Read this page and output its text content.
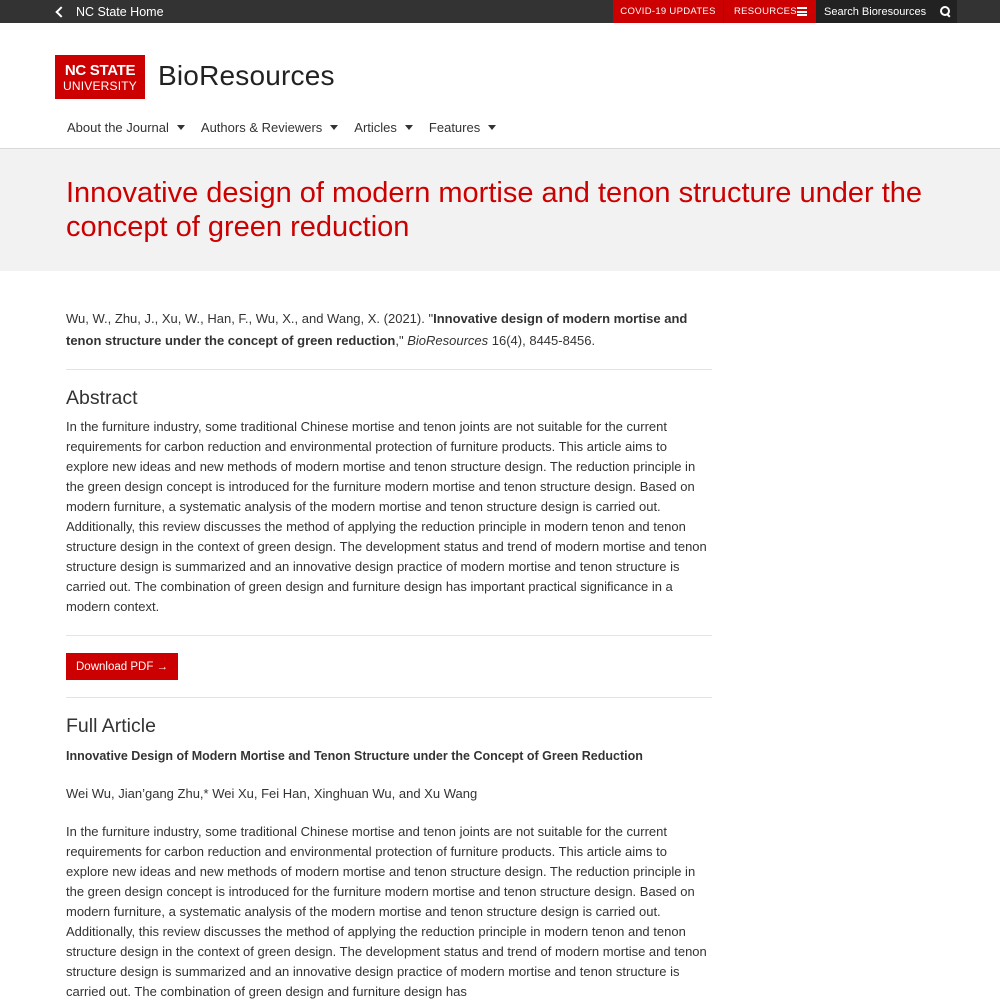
NC State Home	COVID-19 UPDATES	RESOURCES Search Bioresources
NC STATE
UNIVERSITY BioResources
About the Journal Authors & Reviewers Articles Features
Innovative design of modern mortise and tenon structure under the concept of green reduction

Wu, W., Zhu, J., Xu, W., Han, F., Wu, X., and Wang, X. (2021). "Innovative design of modern mortise and tenon structure under the concept of green reduction," BioResources 16(4), 8445-8456.

Abstract

In the furniture industry, some traditional Chinese mortise and tenon joints are not suitable for the current requirements for carbon reduction and environmental protection of furniture products. This article aims to explore new ideas and new methods of modern mortise and tenon structure design. The reduction principle in the green design concept is introduced for the furniture modern mortise and tenon structure design. Based on modern furniture, a systematic analysis of the modern mortise and tenon structure design is carried out. Additionally, this review discusses the method of applying the reduction principle in modern tenon and tenon structure design in the context of green design. The development status and trend of modern mortise and tenon structure design is summarized and an innovative design practice of modern mortise and tenon structure is carried out. The combination of green design and furniture design has important practical significance in a modern context.

Download PDF →
Full Article

Innovative Design of Modern Mortise and Tenon Structure under the Concept of Green Reduction

Wei Wu, Jian’gang Zhu,* Wei Xu, Fei Han, Xinghuan Wu, and Xu Wang

In the furniture industry, some traditional Chinese mortise and tenon joints are not suitable for the current requirements for carbon reduction and environmental protection of furniture products. This article aims to explore new ideas and new methods of modern mortise and tenon structure design. The reduction principle in the green design concept is introduced for the furniture modern mortise and tenon structure design. Based on modern furniture, a systematic analysis of the modern mortise and tenon structure design is carried out. Additionally, this review discusses the method of applying the reduction principle in modern tenon and tenon structure design in the context of green design. The development status and trend of modern mortise and tenon structure design is summarized and an innovative design practice of modern mortise and tenon structure is carried out. The combination of green design and furniture design has
